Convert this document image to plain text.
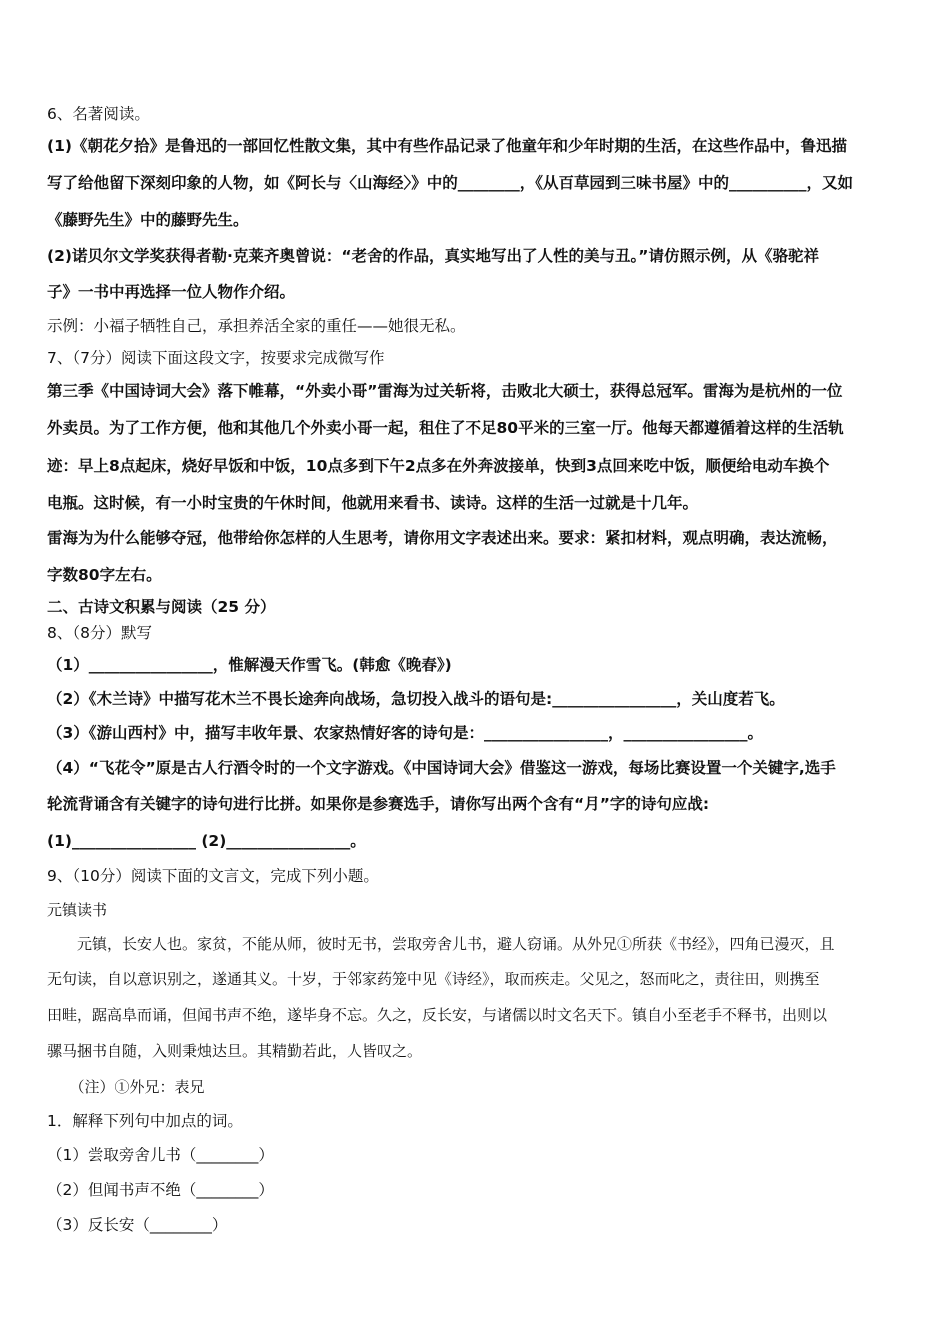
6、名著阅读。
(1)《朝花夕拾》是鲁迅的一部回忆性散文集，其中有些作品记录了他童年和少年时期的生活，在这些作品中，鲁迅描
写了给他留下深刻印象的人物，如《阿长与〈山海经〉》中的________，《从百草园到三味书屋》中的__________，又如
《藤野先生》中的藤野先生。
(2)诺贝尔文学奖获得者勒·克莱齐奥曾说：“老舍的作品，真实地写出了人性的美与丑。”请仿照示例，从《骆驼祥
子》一书中再选择一位人物作介绍。
示例：小福子牺牲自己，承担养活全家的重任——她很无私。
7、（7分）阅读下面这段文字，按要求完成微写作
第三季《中国诗词大会》落下帷幕，“外卖小哥”雷海为过关斩将，击败北大硕士，获得总冠军。雷海为是杭州的一位
外卖员。为了工作方便，他和其他几个外卖小哥一起，租住了不足80平米的三室一厅。他每天都遵循着这样的生活轨
迹：早上8点起床，烧好早饭和中饭，10点多到下午2点多在外奔波接单，快到3点回来吃中饭，顺便给电动车换个
电瓶。这时候，有一小时宝贵的午休时间，他就用来看书、读诗。这样的生活一过就是十几年。
雷海为为什么能够夺冠，他带给你怎样的人生思考，请你用文字表述出来。要求：紧扣材料，观点明确，表达流畅，
字数80字左右。
二、古诗文积累与阅读（25 分）
8、（8分）默写
（1）________________，惟解漫天作雪飞。(韩愈《晚春》)
（2）《木兰诗》中描写花木兰不畏长途奔向战场，急切投入战斗的语句是:________________，关山度若飞。
（3）《游山西村》中，描写丰收年景、农家热情好客的诗句是：________________，________________。
（4）“飞花令”原是古人行酒令时的一个文字游戏。《中国诗词大会》借鉴这一游戏，每场比赛设置一个关键字,选手
轮流背诵含有关键字的诗句进行比拼。如果你是参赛选手，请你写出两个含有“月”字的诗句应战:
(1)________________ (2)________________。
9、（10分）阅读下面的文言文，完成下列小题。
元镇读书
　　元镇，长安人也。家贫，不能从师，彼时无书，尝取旁舍儿书，避人窃诵。从外兄①所获《书经》，四角已漫灭，且
无句读，自以意识别之，遂通其义。十岁，于邻家药笼中见《诗经》，取而疾走。父见之，怒而叱之，责往田，则携至
田畦，踞高阜而诵，但闻书声不绝，遂毕身不忘。久之，反长安，与诸儒以时文名天下。镇自小至老手不释书，出则以
骡马捆书自随，入则秉烛达旦。其精勤若此，人皆叹之。
　　（注）①外兄：表兄
1．解释下列句中加点的词。
（1）尝取旁舍儿书（________）
（2）但闻书声不绝（________）
（3）反长安（________）
